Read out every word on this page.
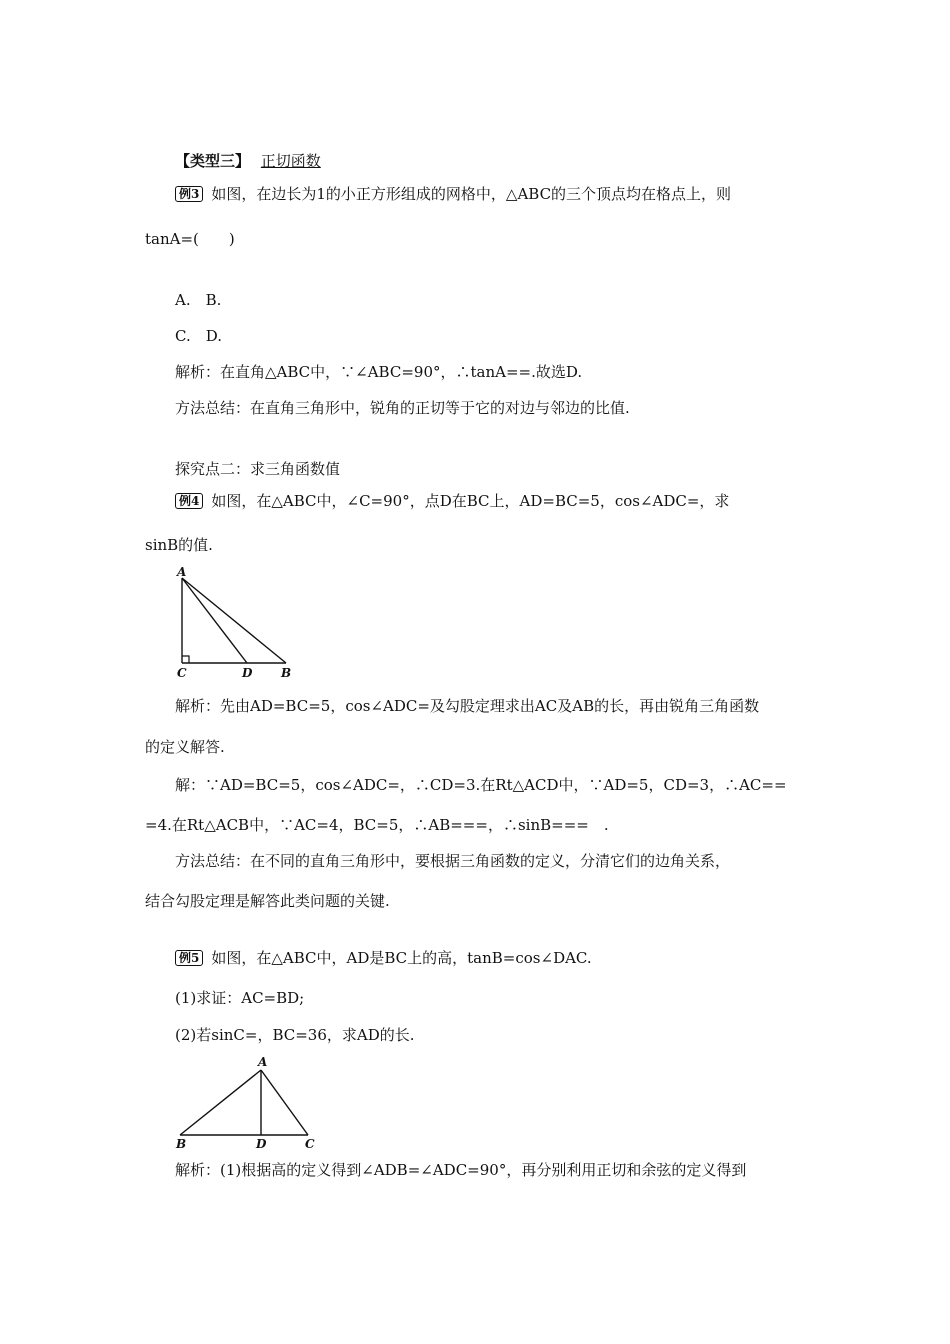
【类型三】 正切函数
例3 如图，在边长为1的小正方形组成的网格中，△ABC的三个顶点均在格点上，则
tanA=(　　)
A.　B.
C.　D.
解析：在直角△ABC中，∵∠ABC=90°，∴tanA==.故选D.
方法总结：在直角三角形中，锐角的正切等于它的对边与邻边的比值.
探究点二：求三角函数值
例4 如图，在△ABC中，∠C=90°，点D在BC上，AD=BC=5，cos∠ADC=，求
sinB的值.
A
C	D B
解析：先由AD=BC=5，cos∠ADC=及勾股定理求出AC及AB的长，再由锐角三角函数
的定义解答.
解：∵AD=BC=5，cos∠ADC=，∴CD=3.在Rt△ACD中，∵AD=5，CD=3，∴AC==
=4.在Rt△ACB中，∵AC=4，BC=5，∴AB===，∴sinB===　.
方法总结：在不同的直角三角形中，要根据三角函数的定义，分清它们的边角关系，
结合勾股定理是解答此类问题的关键.
例5 如图，在△ABC中，AD是BC上的高，tanB=cos∠DAC.
(1)求证：AC=BD;
(2)若sinC=，BC=36，求AD的长.
A
B	D	C
解析：(1)根据高的定义得到∠ADB=∠ADC=90°，再分别利用正切和余弦的定义得到
